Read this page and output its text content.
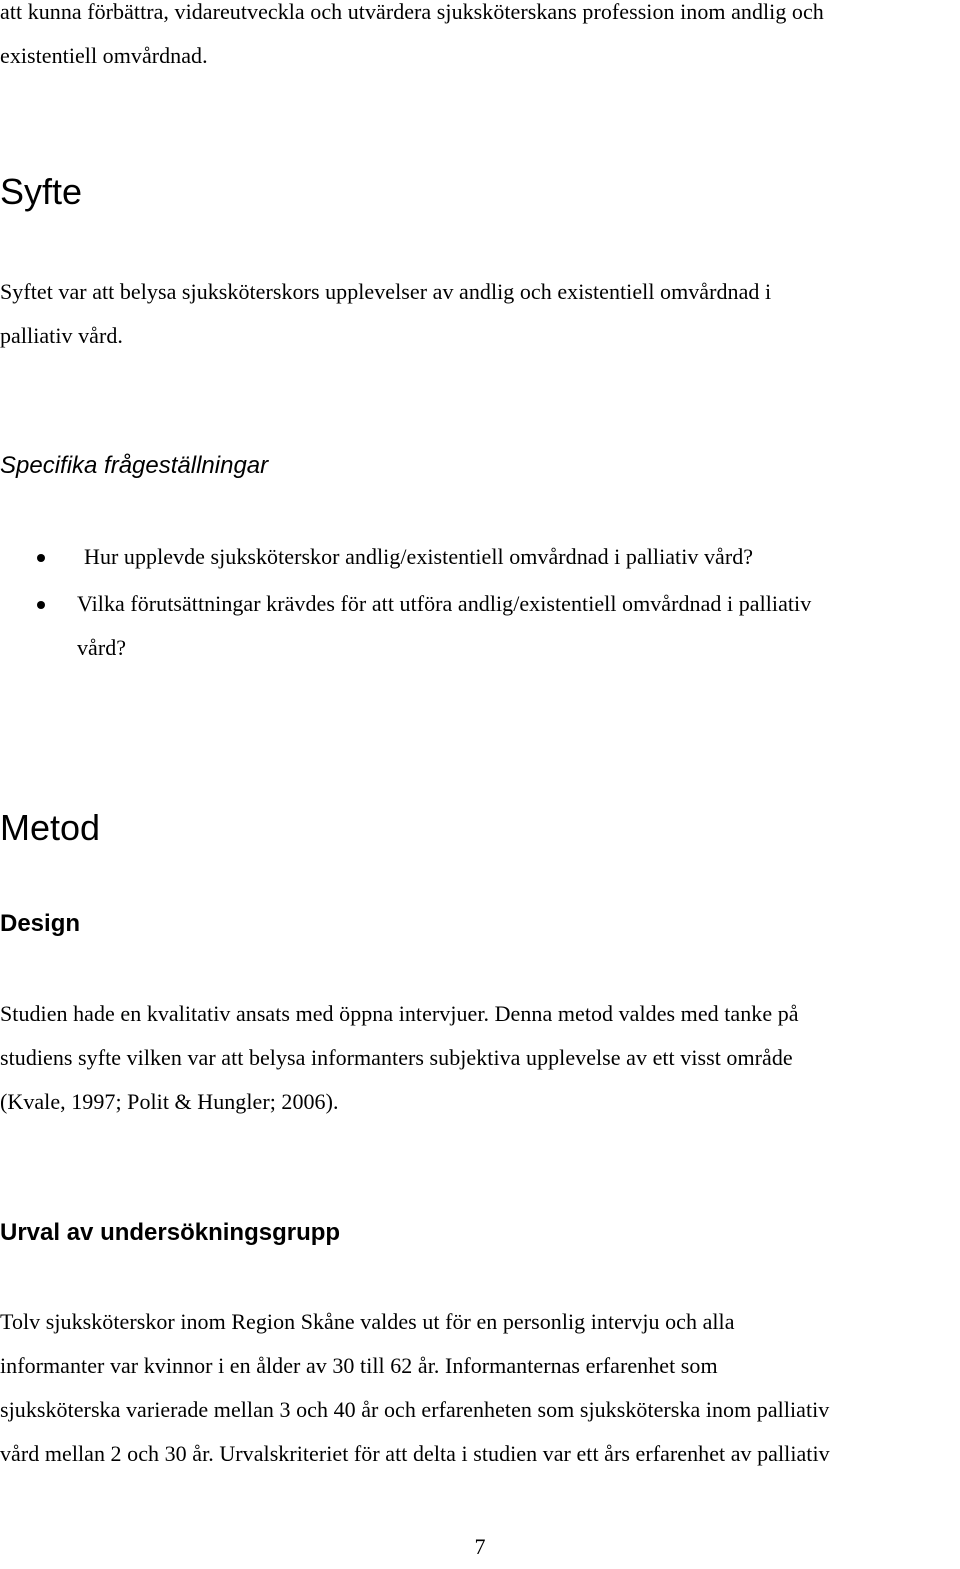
att kunna förbättra, vidareutveckla och utvärdera sjuksköterskans profession inom andlig och
existentiell omvårdnad.
Syfte
Syftet var att belysa sjuksköterskors upplevelser av andlig och existentiell omvårdnad i
palliativ vård.
Specifika frågeställningar
Hur upplevde sjuksköterskor andlig/existentiell omvårdnad i palliativ vård?
Vilka förutsättningar krävdes för att utföra andlig/existentiell omvårdnad i palliativ
vård?
Metod
Design
Studien hade en kvalitativ ansats med öppna intervjuer. Denna metod valdes med tanke på
studiens syfte vilken var att belysa informanters subjektiva upplevelse av ett visst område
(Kvale, 1997; Polit & Hungler; 2006).
Urval av undersökningsgrupp
Tolv sjuksköterskor inom Region Skåne valdes ut för en personlig intervju och alla
informanter var kvinnor i en ålder av 30 till 62 år. Informanternas erfarenhet som
sjuksköterska varierade mellan 3 och 40 år och erfarenheten som sjuksköterska inom palliativ
vård mellan 2 och 30 år. Urvalskriteriet för att delta i studien var ett års erfarenhet av palliativ
7
